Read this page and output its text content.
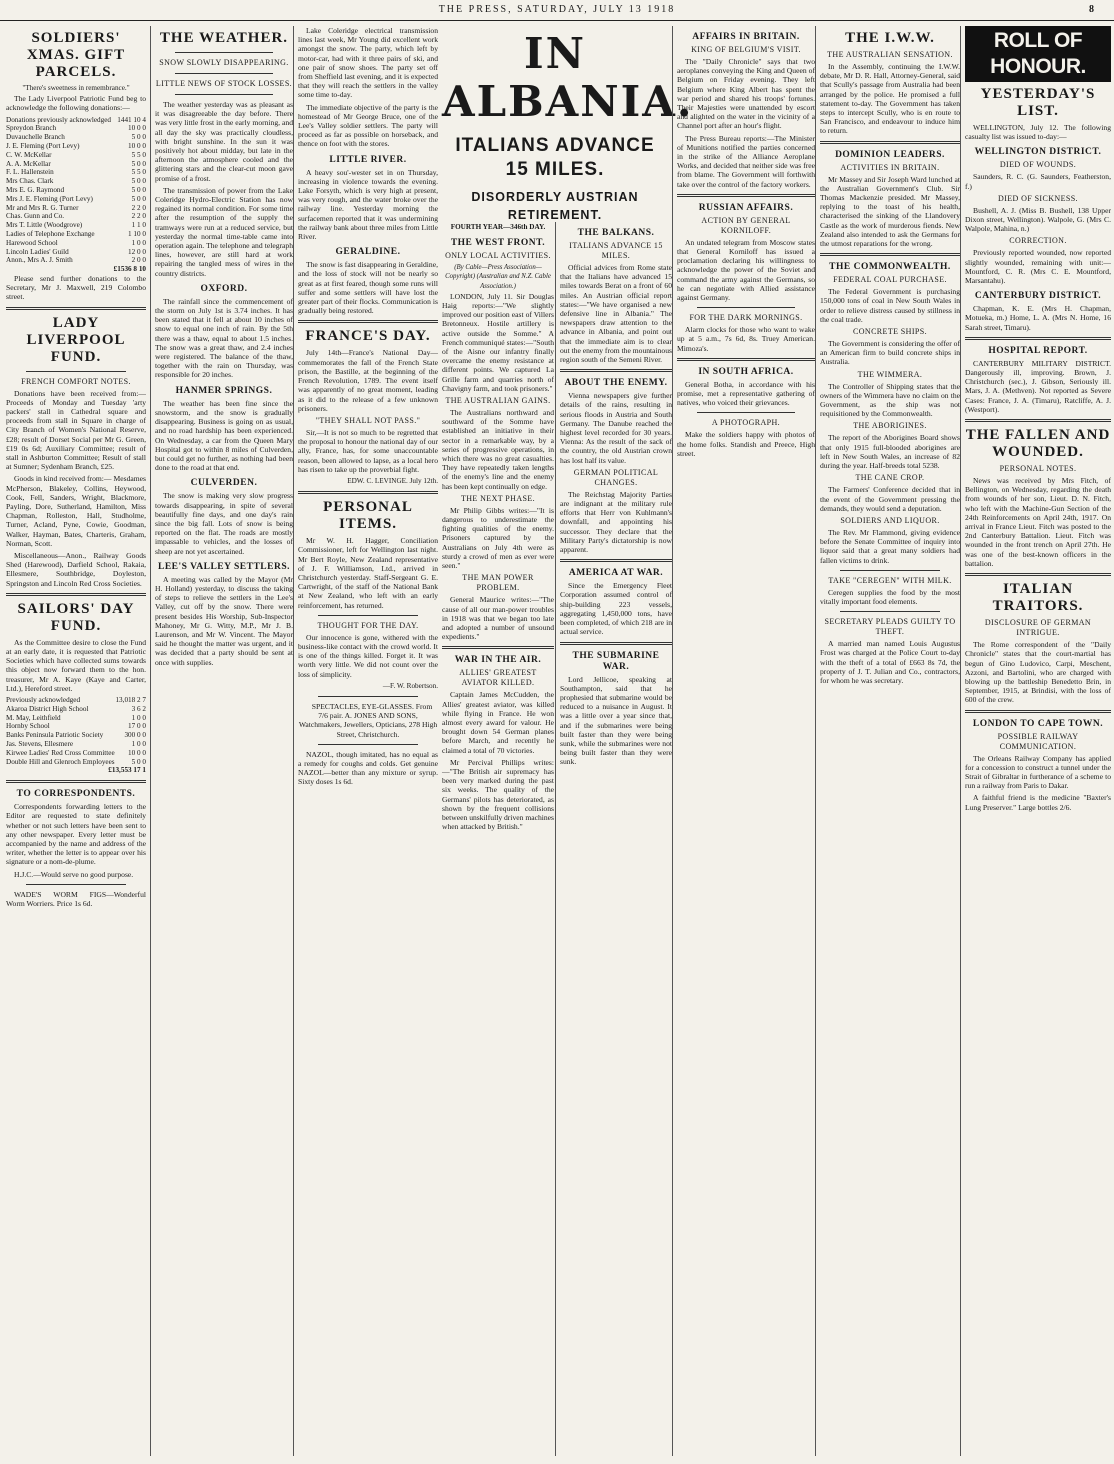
THE PRESS, SATURDAY, JULY 13 1918	8
SOLDIERS' XMAS. GIFT PARCELS.
"There's sweetness in remembrance."

The Lady Liverpool Patriotic Fund beg to acknowledge the following donations:—

Donations previously acknowledged 1441 10 4
Spreydon Branch	10 0 0
Duvauchelle Branch	5 0 0
J. E. Fleming (Port Levy)	10 0 0
C. W. McKellar	5 5 0
A. A. McKellar	5 0 0
F. L. Hallenstein	5 5 0
Mrs Chas. Clark	5 0 0
Mrs E. G. Raymond	5 0 0
Mrs J. E. Fleming (Port Levy)	5 0 0
Mr and Mrs R. G. Turner	2 2 0
Chas. Gunn and Co.	2 2 0
Mrs T. Little (Woodgrove)	1 1 0
Ladies of Telephone Exchange	1 10 0
Harewood School	1 0 0
Lincoln Ladies' Guild	12 0 0
Anon., Mrs A. J. Smith	2 0 0
£1536 8 10

Please send further donations to the Secretary, Mr J. Maxwell, 219 Colombo street.

LADY LIVERPOOL FUND.
FRENCH COMFORT NOTES.

Donations have been received from:— Proceeds of Monday and Tuesday 'arty packers' stall in Cathedral square and proceeds from stall in Square in charge of City Branch of Women's National Reserve, £28; result of Dorset Social per Mr G. Green, £19 0s 6d; Auxiliary Committee; result of stall in Ashburton Committee; Result of stall at Sumner; Sydenham Branch, £25.

Goods in kind received from:— Mesdames McPherson, Blakeley, Collins, Heywood, Cook, Fell, Sanders, Wright, Blackmore, Payling, Dore, Sutherland, Hamilton, Miss Chapman, Rolleston, Hall, Studholme, Turner, Acland, Pyne, Cowie, Goodman, Walker, Hayman, Bates, Charteris, Graham, Norman, Scott.

Miscellaneous—Anon., Railway Goods Shed (Harewood), Darfield School, Rakaia, Ellesmere, Southbridge, Doyleston, Springston and Lincoln Red Cross Societies.

SAILORS' DAY FUND.

As the Committee desire to close the Fund at an early date, it is requested that Patriotic Societies which have collected sums towards this object now forward them to the hon. treasurer, Mr A. Kaye (Kaye and Carter, Ltd.), Hereford street.

Previously acknowledged	13,018 2 7
Akaroa District High School	3 6 2
M. May, Leithfield	1 0 0
Hornby School	17 0 0
Banks Peninsula Patriotic Society	300 0 0
Jas. Stevens, Ellesmere	1 0 0
Kirwee Ladies' Red Cross Committee	10 0 0
Double Hill and Glenroch Employees	5 0 0
£13,553 17 1
TO CORRESPONDENTS.

Correspondents forwarding letters to the Editor are requested to state definitely whether or not such letters have been sent to any other newspaper. Every letter must be accompanied by the name and address of the writer, whether the letter is to appear over his signature or a nom-de-plume.

H.J.C.—Would serve no good purpose.

WADE'S WORM FIGS—Wonderful Worm Worriers. Price 1s 6d.

THE WEATHER.
SNOW SLOWLY DISAPPEARING.
LITTLE NEWS OF STOCK LOSSES.

The weather yesterday was as pleasant as it was disagreeable the day before. There was very little frost in the early morning, and all day the sky was practically cloudless, with bright sunshine. In the sun it was positively hot about midday, but late in the afternoon the atmosphere cooled and the glittering stars and the clear-cut moon gave promise of a frost.

The transmission of power from the Lake Coleridge Hydro-Electric Station has now regained its normal condition. For some time after the resumption of the supply the tramways were run at a reduced service, but yesterday the normal time-table came into operation again. The telephone and telegraph lines, however, are still hard at work repairing the tangled mess of wires in the country districts.

OXFORD.

The rainfall since the commencement of the storm on July 1st is 3.74 inches. It has been stated that it fell at about 10 inches of snow to equal one inch of rain. By the 5th there was a thaw, equal to about 1.5 inches. The snow was a great thaw, and 2.4 inches were registered. The balance of the thaw, together with the rain on Thursday, was responsible for 20 inches.

HANMER SPRINGS.

The weather has been fine since the snowstorm, and the snow is gradually disappearing. Business is going on as usual, and no road hardship has been experienced. On Wednesday, a car from the Queen Mary Hospital got to within 8 miles of Culverden, but could get no further, as nothing had been done to the road at that end.

CULVERDEN.

The snow is making very slow progress towards disappearing, in spite of several beautifully fine days, and one day's rain since the big fall. Lots of snow is being reported on the flat. The roads are mostly impassable to vehicles, and the losses of sheep are not yet ascertained.

LEE'S VALLEY SETTLERS.

A meeting was called by the Mayor (Mr H. Holland) yesterday, to discuss the taking of steps to relieve the settlers in the Lee's Valley, cut off by the snow. There were present besides His Worship, Sub-Inspector Mahoney, Mr G. Witty, M.P., Mr J. B. Laurenson, and Mr W. Vincent. The Mayor said he thought the matter was urgent, and it was decided that a party should be sent at once with supplies.

Lake Coleridge electrical transmission lines last week, Mr Young did excellent work amongst the snow. The party, which left by motor-car, had with it three pairs of ski, and one pair of snow shoes. The party set off from Sheffield last evening, and it is expected that they will reach the settlers in the valley some time to-day.

The immediate objective of the party is the homestead of Mr George Bruce, one of the Lee's Valley soldier settlers. The party will proceed as far as possible on horseback, and thence on foot with the stores.

LITTLE RIVER.

A heavy sou'-wester set in on Thursday, increasing in violence towards the evening. Lake Forsyth, which is very high at present, was very rough, and the water broke over the railway line. Yesterday morning the surfacemen reported that it was undermining the railway bank about three miles from Little River.

GERALDINE.

The snow is fast disappearing in Geraldine, and the loss of stock will not be nearly so great as at first feared, though some runs will suffer and some settlers will have lost the greater part of their flocks. Communication is gradually being restored.

FRANCE'S DAY.

July 14th—France's National Day—commemorates the fall of the French State prison, the Bastille, at the beginning of the French Revolution, 1789. The event itself was apparently of no great moment, leading as it did to the release of a few unknown prisoners.

"THEY SHALL NOT PASS."

Sir,—It is not so much to be regretted that the proposal to honour the national day of our ally, France, has, for some unaccountable reason, been allowed to lapse, as a local hero has risen to take up the proverbial fight.

EDW. C. LEVINGE. July 12th.
PERSONAL ITEMS.

Mr W. H. Hagger, Conciliation Commissioner, left for Wellington last night. Mr Bert Royle, New Zealand representative of J. F. Williamson, Ltd., arrived in Christchurch yesterday. Staff-Sergeant G. E. Cartwright, of the staff of the National Bank at New Zealand, who left with an early reinforcement, has returned.

THOUGHT FOR THE DAY.

Our innocence is gone, withered with the business-like contact with the crowd world. It is one of the things killed. Forget it. It was worth very little. We did not count over the loss of simplicity.

—F. W. Robertson.

SPECTACLES, EYE-GLASSES. From 7/6 pair. A. JONES AND SONS, Watchmakers, Jewellers, Opticians, 278 High Street, Christchurch.

NAZOL, though imitated, has no equal as a remedy for coughs and colds. Get genuine NAZOL—better than any mixture or syrup. Sixty doses 1s 6d.

IN ALBANIA.
ITALIANS ADVANCE 15 MILES.
DISORDERLY AUSTRIAN RETIREMENT.
FOURTH YEAR—346th DAY.
THE WEST FRONT.
ONLY LOCAL ACTIVITIES.
(By Cable—Press Association—Copyright) (Australian and N.Z. Cable Association.)

LONDON, July 11. Sir Douglas Haig reports:—"We slightly improved our position east of Villers Bretonneux. Hostile artillery is active outside the Somme." A French communiqué states:—"South of the Aisne our infantry finally overcame the enemy resistance at different points. We captured La Grille farm and quarries north of Chavigny farm, and took prisoners."

THE AUSTRALIAN GAINS.

The Australians northward and southward of the Somme have established an initiative in their sector in a remarkable way, by a series of progressive operations, in which there was no great casualties. They have repeatedly taken lengths of the enemy's line and the enemy has been kept continually on edge.

THE NEXT PHASE.

Mr Philip Gibbs writes:—"It is dangerous to underestimate the fighting qualities of the enemy. Prisoners captured by the Australians on July 4th were as sturdy a crowd of men as ever were seen."

THE MAN POWER PROBLEM.

General Maurice writes:—"The cause of all our man-power troubles in 1918 was that we began too late and adopted a number of unsound expedients."

WAR IN THE AIR.
ALLIES' GREATEST AVIATOR KILLED.

Captain James McCudden, the Allies' greatest aviator, was killed while flying in France. He won almost every award for valour. He brought down 54 German planes before March, and recently he claimed a total of 70 victories.

Mr Percival Phillips writes:—"The British air supremacy has been very marked during the past six weeks. The quality of the Germans' pilots has deteriorated, as shown by the frequent collisions between unskilfully driven machines when attacked by British."

THE BALKANS.
ITALIANS ADVANCE 15 MILES.

Official advices from Rome state that the Italians have advanced 15 miles towards Berat on a front of 60 miles. An Austrian official report states:—"We have organised a new defensive line in Albania." The newspapers draw attention to the advance in Albania, and point out that the immediate aim is to clear out the enemy from the mountainous region south of the Semeni River.

ABOUT THE ENEMY.

Vienna newspapers give further details of the rains, resulting in serious floods in Austria and South Germany. The Danube reached the highest level recorded for 30 years. Vienna: As the result of the sack of the country, the old Austrian crown has lost half its value.

GERMAN POLITICAL CHANGES.

The Reichstag Majority Parties are indignant at the military rule efforts that Herr von Kuhlmann's downfall, and appointing his successor. They declare that the Military Party's dictatorship is now apparent.

AMERICA AT WAR.

Since the Emergency Fleet Corporation assumed control of ship-building 223 vessels, aggregating 1,450,000 tons, have been completed, of which 218 are in actual service.

THE SUBMARINE WAR.

Lord Jellicoe, speaking at Southampton, said that he prophesied that submarine would be reduced to a nuisance in August. It was a little over a year since that, and if the submarines were being built faster than they were being sunk, while the submarines were not being built faster than they were sunk.

AFFAIRS IN BRITAIN.
KING OF BELGIUM'S VISIT.

The "Daily Chronicle" says that two aeroplanes conveying the King and Queen of Belgium on Friday evening. They left Belgium where King Albert has spent the war period and shared his troops' fortunes. Their Majesties were unattended by escort and alighted on the water in the vicinity of a Channel port after an hour's flight.

The Press Bureau reports:—The Minister of Munitions notified the parties concerned in the strike of the Alliance Aeroplane Works, and decided that neither side was free from blame. The Government will forthwith take over the control of the factory workers.

RUSSIAN AFFAIRS.
ACTION BY GENERAL KORNILOFF.

An undated telegram from Moscow states that General Korniloff has issued a proclamation declaring his willingness to acknowledge the power of the Soviet and command the army against the Germans, so he can negotiate with Allied assistance against Germany.

FOR THE DARK MORNINGS.

Alarm clocks for those who want to wake up at 5 a.m., 7s 6d, 8s. Truey American. Mimoza's.

IN SOUTH AFRICA.

General Botha, in accordance with his promise, met a representative gathering of natives, who voiced their grievances.

A PHOTOGRAPH.

Make the soldiers happy with photos of the home folks. Standish and Preece, High street.

THE I.W.W.
THE AUSTRALIAN SENSATION.

In the Assembly, continuing the I.W.W. debate, Mr D. R. Hall, Attorney-General, said that Scully's passage from Australia had been arranged by the police. He promised a full statement to-day. The Government has taken steps to intercept Scully, who is en route to San Francisco, and endeavour to induce him to return.

DOMINION LEADERS.
ACTIVITIES IN BRITAIN.

Mr Massey and Sir Joseph Ward lunched at the Australian Government's Club. Sir Thomas Mackenzie presided. Mr Massey, replying to the toast of his health, characterised the sinking of the Llandovery Castle as the work of murderous fiends. New Zealand also intended to ask the Germans for the utmost reparations for the wrong.

THE COMMONWEALTH.
FEDERAL COAL PURCHASE.

The Federal Government is purchasing 150,000 tons of coal in New South Wales in order to relieve distress caused by stillness in the coal trade.

CONCRETE SHIPS.

The Government is considering the offer of an American firm to build concrete ships in Australia.

THE WIMMERA.

The Controller of Shipping states that the owners of the Wimmera have no claim on the Government, as the ship was not requisitioned by the Commonwealth.

THE ABORIGINES.

The report of the Aborigines Board shows that only 1915 full-blooded aborigines are left in New South Wales, an increase of 82 during the year. Half-breeds total 5238.

THE CANE CROP.

The Farmers' Conference decided that in the event of the Government pressing the demands, they would send a deputation.

SOLDIERS AND LIQUOR.

The Rev. Mr Flammond, giving evidence before the Senate Committee of inquiry into liquor said that a great many soldiers had fallen victims to drink.

TAKE "CEREGEN" WITH MILK.

Ceregen supplies the food by the most vitally important food elements.

SECRETARY PLEADS GUILTY TO THEFT.

A married man named Louis Augustus Frost was charged at the Police Court to-day with the theft of a total of £663 8s 7d, the property of J. T. Julian and Co., contractors, for whom he was secretary.

ROLL OF HONOUR.
YESTERDAY'S LIST.

WELLINGTON, July 12. The following casualty list was issued to-day:—

WELLINGTON DISTRICT.
DIED OF WOUNDS.

Saunders, R. C. (G. Saunders, Featherston, f.)

DIED OF SICKNESS.

Bushell, A. J. (Miss B. Bushell, 138 Upper Dixon street, Wellington). Walpole, G. (Mrs C. Walpole, Mahina, n.)

CORRECTION.

Previously reported wounded, now reported slightly wounded, remaining with unit:— Mountford, C. R. (Mrs C. E. Mountford, Marsantahu).

CANTERBURY DISTRICT.

Chapman, K. E. (Mrs H. Chapman, Motueka, m.) Home, L. A. (Mrs N. Home, 16 Sarah street, Timaru).

HOSPITAL REPORT.

CANTERBURY MILITARY DISTRICT. Dangerously ill, improving. Brown, J. Christchurch (sec.), J. Gibson, Seriously ill. Mars, J. A. (Methven). Not reported as Severe Cases: France, J. A. (Timaru), Ratcliffe, A. J. (Westport).

THE FALLEN AND WOUNDED.
PERSONAL NOTES.

News was received by Mrs Fitch, of Bellington, on Wednesday, regarding the death from wounds of her son, Lieut. D. N. Fitch, who left with the Machine-Gun Section of the 24th Reinforcements on April 24th, 1917. On arrival in France Lieut. Fitch was posted to the 2nd Canterbury Battalion. Lieut. Fitch was wounded in the front trench on April 27th. He was one of the best-known officers in the battalion.

ITALIAN TRAITORS.
DISCLOSURE OF GERMAN INTRIGUE.

The Rome correspondent of the "Daily Chronicle" states that the court-martial has begun of Gino Ludovico, Carpi, Meschent, Azzoni, and Bartolini, who are charged with blowing up the battleship Benedetto Brin, in September, 1915, at Brindisi, with the loss of 600 of the crew.

LONDON TO CAPE TOWN.
POSSIBLE RAILWAY COMMUNICATION.

The Orleans Railway Company has applied for a concession to construct a tunnel under the Strait of Gibraltar in furtherance of a scheme to run a railway from Paris to Dakar.

A faithful friend is the medicine "Baxter's Lung Preserver." Large bottles 2/6.
